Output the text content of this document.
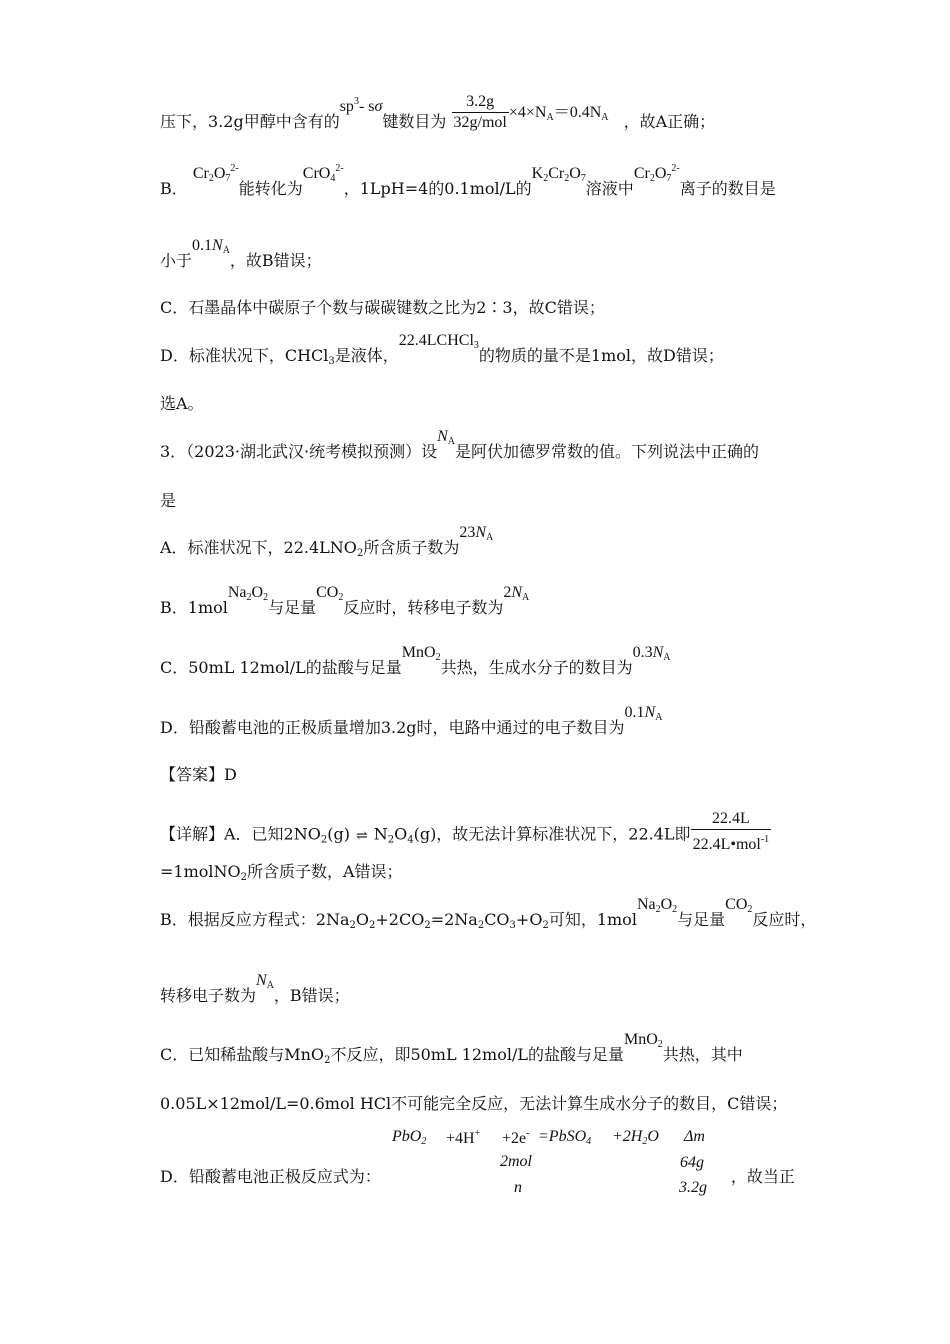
压下，3.2g甲醇中含有的$sp^3-$ sσ键数目为 $\frac{3.2g}{\text{32g/mol}} \times 4\times N_A=0.4N_A$ ，故A正确；
B． $Cr_2O_7^{2-}$能转化为CrO$_4^{2-}$，1LpH=4的0.1mol/L的$K_2Cr_2O_7$溶液中$Cr_2O_7^{2-}$离子的数目是
小于$0.1N_A$，故B错误；
C．石墨晶体中碳原子个数与碳碳键数之比为2∶3，故C错误；
D．标准状况下，CHCl$_3$是液体，22.4LCHCl$_3$的物质的量不是1mol，故D错误；
选A。
3．（2023·湖北武汉·统考模拟预测）设$N_A$是阿伏加德罗常数的值。下列说法中正确的
是
A．标准状况下，$22.4LNO_2$所含质子数为$23N_A$
B．$1molNa_2O_2$与足量$CO_2$反应时，转移电子数为$2N_A$
C．50mL 12mol/L的盐酸与足量MnO$_2$共热，生成水分子的数目为$0.3N_A$
D．铅酸蓄电池的正极质量增加3.2g时，电路中通过的电子数目为$0.1N_A$
【答案】D
【详解】A．已知$2NO_2(g)$ ⇌ $N_2O_4(g)$，故无法计算标准状况下，22.4L即 $\frac{22.4L}{22.4L•mol^{-1}}$
=1molNO$_2$所含质子数，A错误；
B．根据反应方程式：$2Na_2O_2+2CO_2=2Na_2CO_3+O_2$可知，$1molNa_2O_2$与足量$CO_2$反应时，
转移电子数为$N_A$，B错误；
C．已知稀盐酸与MnO$_2$不反应，即50mL 12mol/L的盐酸与足量MnO$_2$共热，其中
0.05L×12mol/L=0.6mol HCl不可能完全反应，无法计算生成水分子的数目，C错误；
D．铅酸蓄电池正极反应式为：	，故当正
PbO$_2$ +4H+ +2e- =PbSO$_4$ $+2H_2O$ Δm
2mol	64g
n	3.2g
